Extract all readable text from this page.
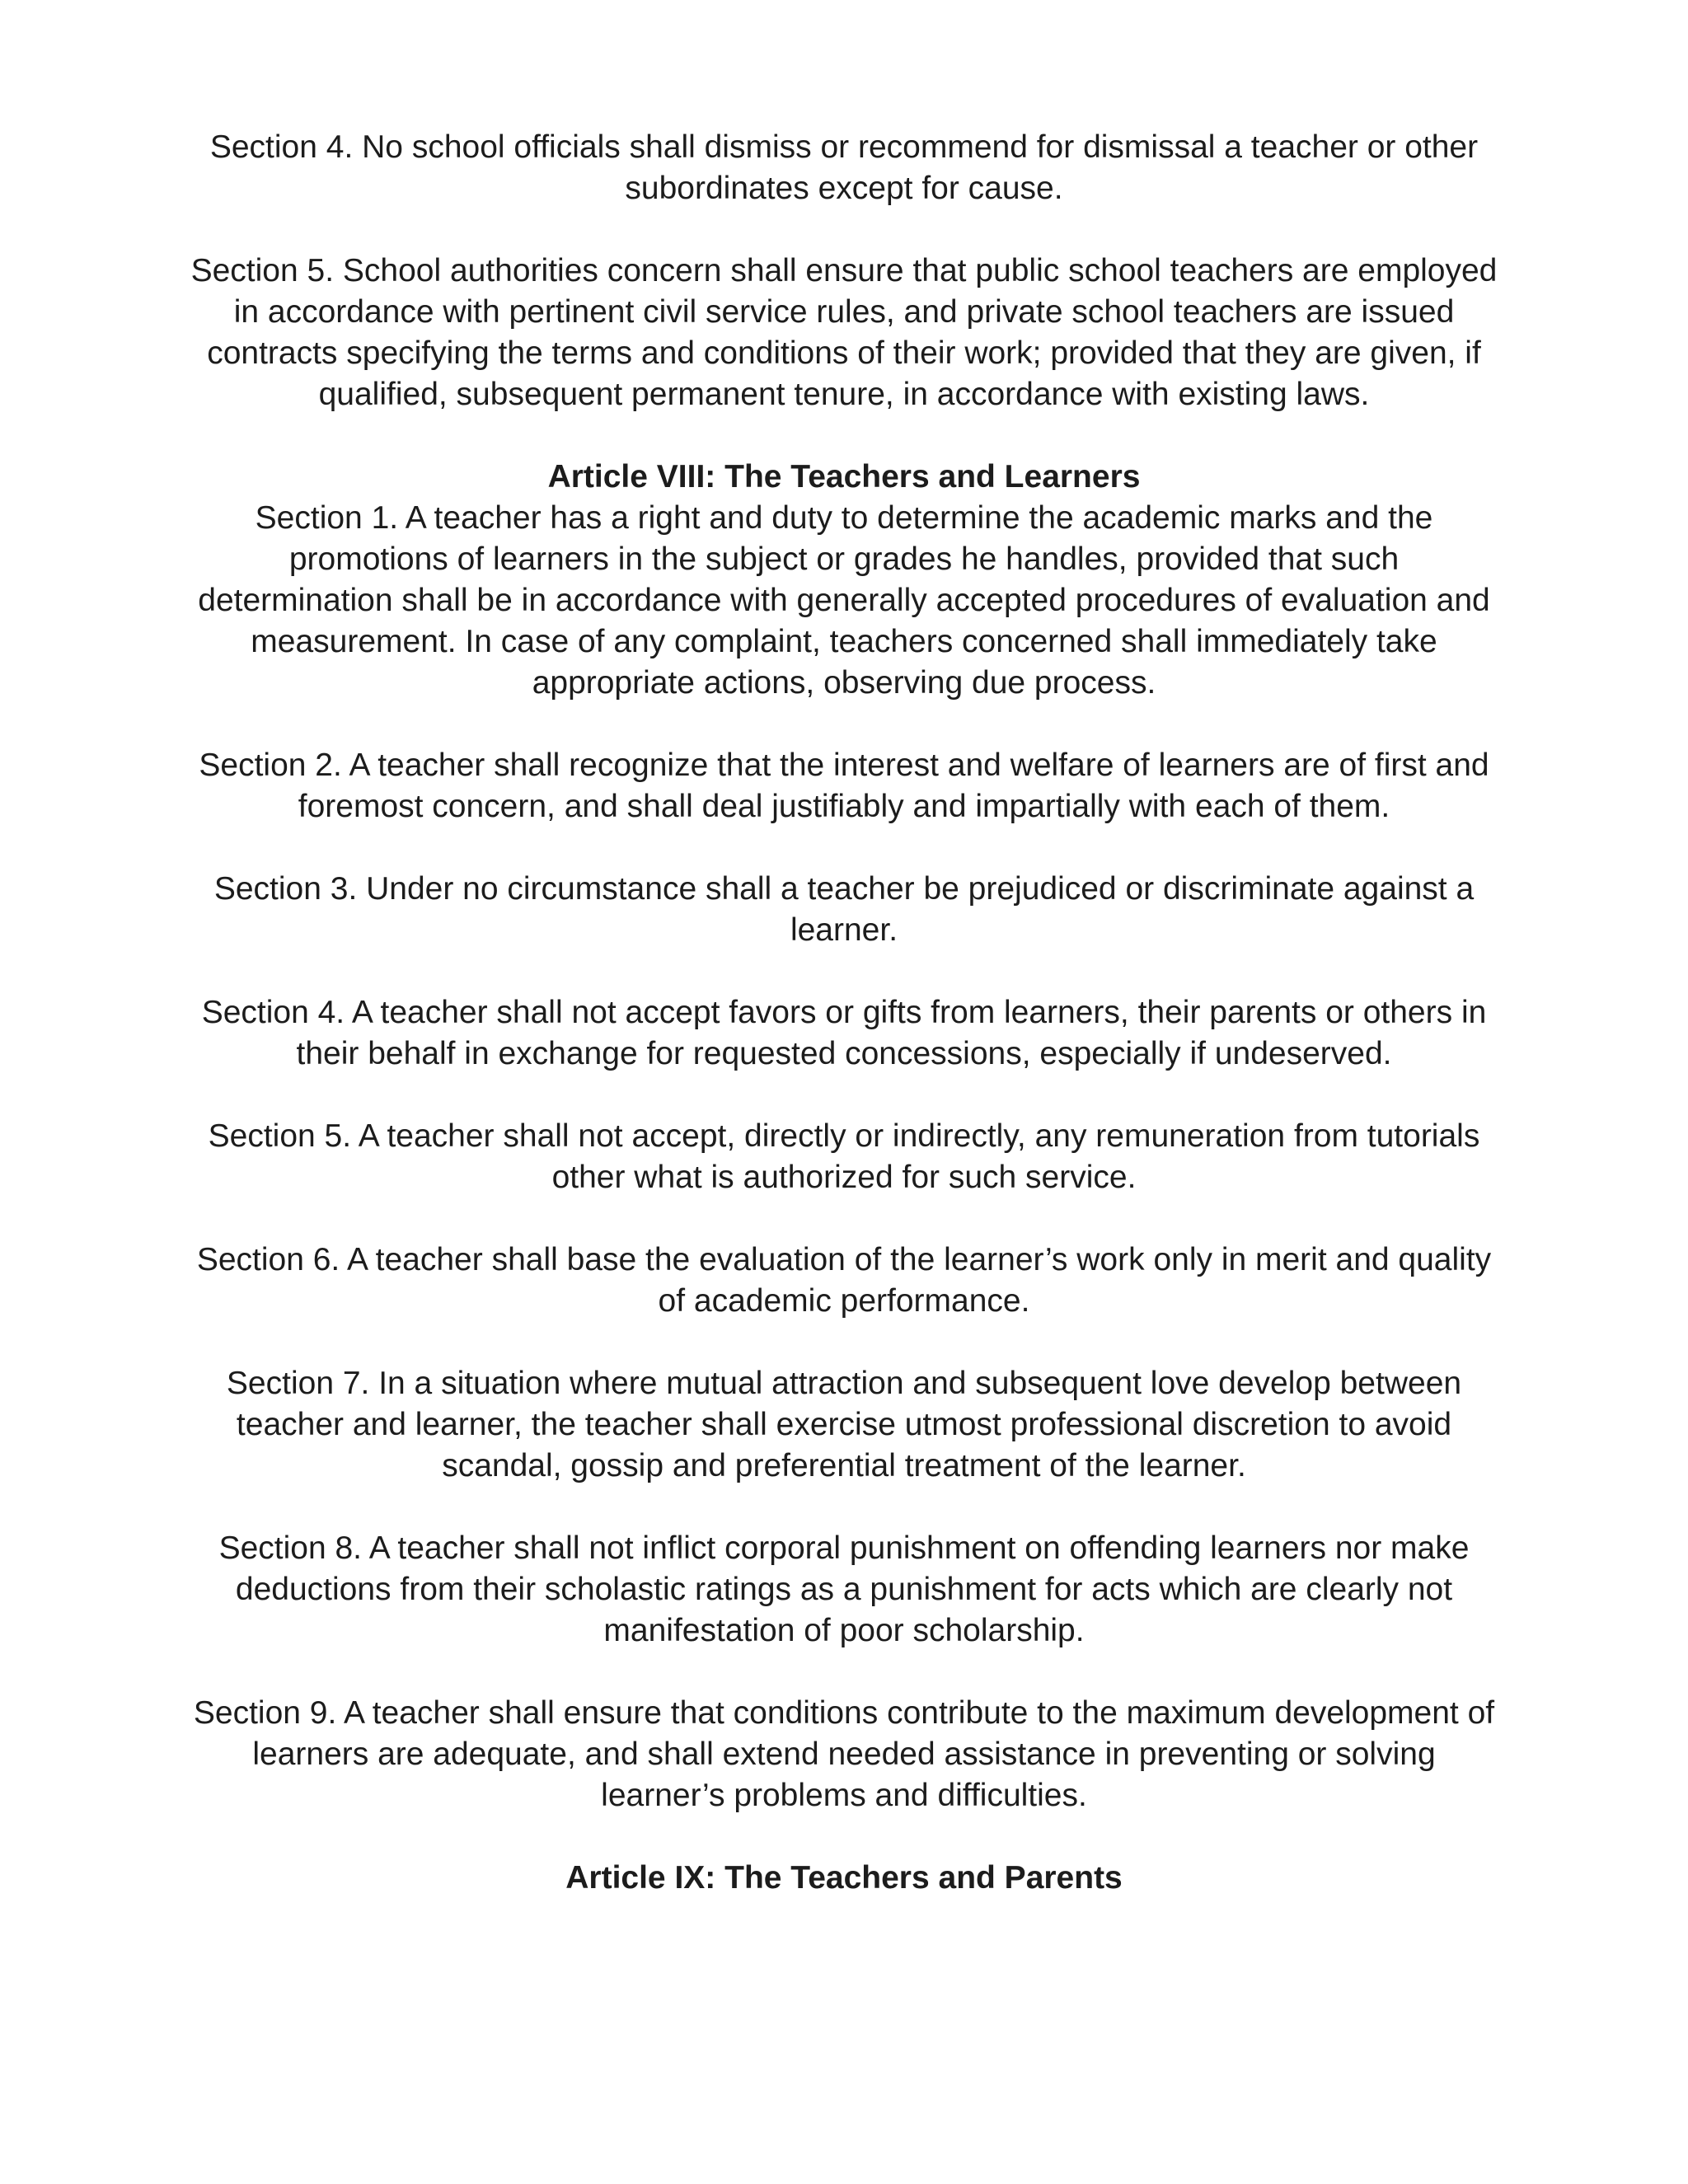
Section 4. No school officials shall dismiss or recommend for dismissal a teacher or other subordinates except for cause.

Section 5. School authorities concern shall ensure that public school teachers are employed in accordance with pertinent civil service rules, and private school teachers are issued contracts specifying the terms and conditions of their work; provided that they are given, if qualified, subsequent permanent tenure, in accordance with existing laws.

Article VIII: The Teachers and Learners

Section 1. A teacher has a right and duty to determine the academic marks and the promotions of learners in the subject or grades he handles, provided that such determination shall be in accordance with generally accepted procedures of evaluation and measurement. In case of any complaint, teachers concerned shall immediately take appropriate actions, observing due process.

Section 2. A teacher shall recognize that the interest and welfare of learners are of first and foremost concern, and shall deal justifiably and impartially with each of them.

Section 3. Under no circumstance shall a teacher be prejudiced or discriminate against a learner.

Section 4. A teacher shall not accept favors or gifts from learners, their parents or others in their behalf in exchange for requested concessions, especially if undeserved.

Section 5. A teacher shall not accept, directly or indirectly, any remuneration from tutorials other what is authorized for such service.

Section 6. A teacher shall base the evaluation of the learner’s work only in merit and quality of academic performance.

Section 7. In a situation where mutual attraction and subsequent love develop between teacher and learner, the teacher shall exercise utmost professional discretion to avoid scandal, gossip and preferential treatment of the learner.

Section 8. A teacher shall not inflict corporal punishment on offending learners nor make deductions from their scholastic ratings as a punishment for acts which are clearly not manifestation of poor scholarship.

Section 9. A teacher shall ensure that conditions contribute to the maximum development of learners are adequate, and shall extend needed assistance in preventing or solving learner’s problems and difficulties.

Article IX: The Teachers and Parents
